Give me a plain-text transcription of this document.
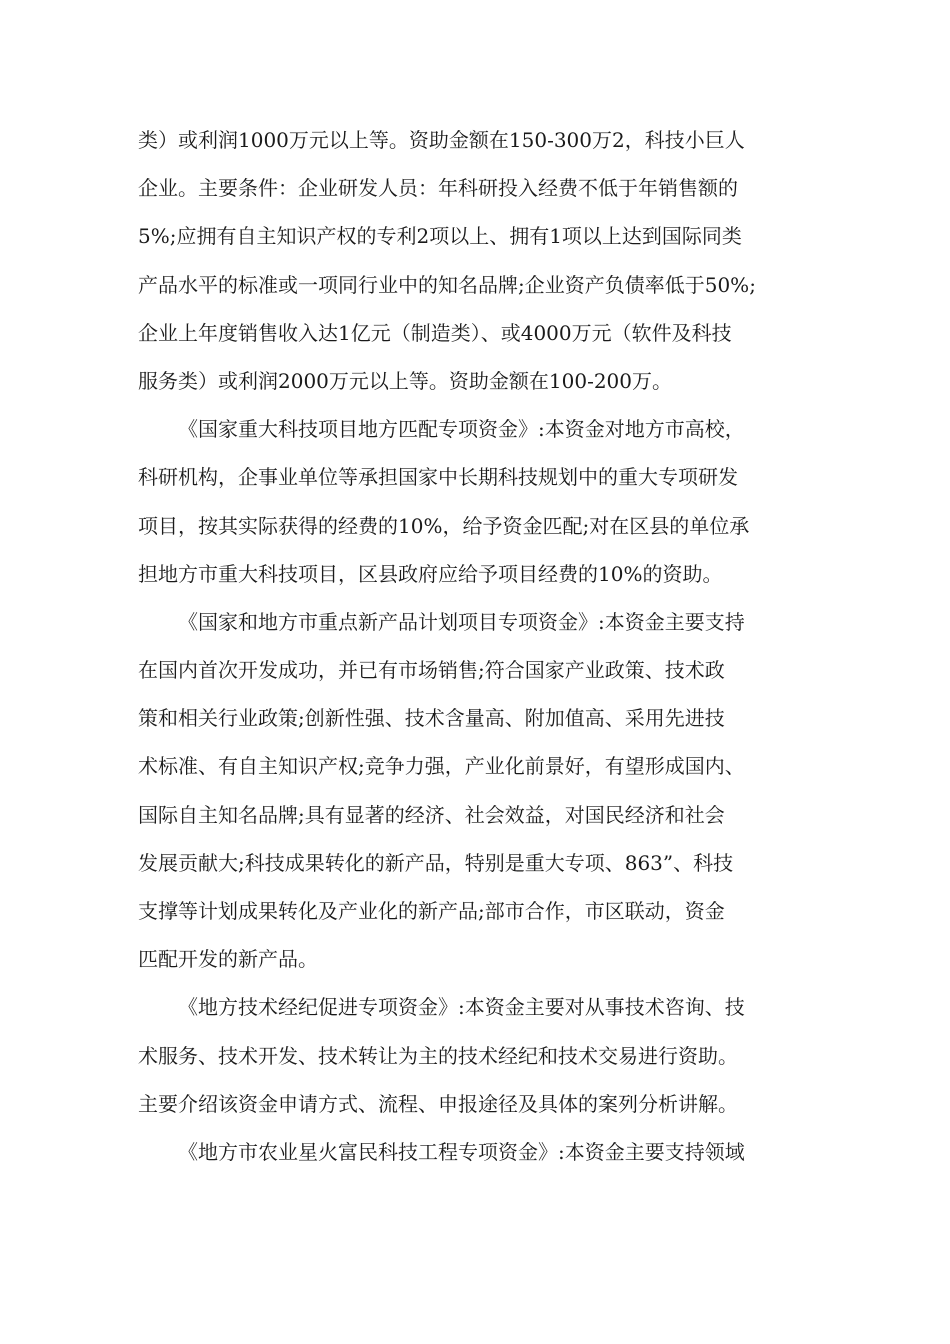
类）或利润1000万元以上等。资助金额在150-300万2，科技小巨人
企业。主要条件：企业研发人员：年科研投入经费不低于年销售额的
5%;应拥有自主知识产权的专利2项以上、拥有1项以上达到国际同类
产品水平的标准或一项同行业中的知名品牌;企业资产负债率低于50%;
企业上年度销售收入达1亿元（制造类）、或4000万元（软件及科技
服务类）或利润2000万元以上等。资助金额在100-200万。
《国家重大科技项目地方匹配专项资金》:本资金对地方市高校，
科研机构，企事业单位等承担国家中长期科技规划中的重大专项研发
项目，按其实际获得的经费的10%，给予资金匹配;对在区县的单位承
担地方市重大科技项目，区县政府应给予项目经费的10%的资助。
《国家和地方市重点新产品计划项目专项资金》:本资金主要支持
在国内首次开发成功，并已有市场销售;符合国家产业政策、技术政
策和相关行业政策;创新性强、技术含量高、附加值高、采用先进技
术标准、有自主知识产权;竞争力强，产业化前景好，有望形成国内、
国际自主知名品牌;具有显著的经济、社会效益，对国民经济和社会
发展贡献大;科技成果转化的新产品，特别是重大专项、863”、科技
支撑等计划成果转化及产业化的新产品;部市合作，市区联动，资金
匹配开发的新产品。
《地方技术经纪促进专项资金》:本资金主要对从事技术咨询、技
术服务、技术开发、技术转让为主的技术经纪和技术交易进行资助。
主要介绍该资金申请方式、流程、申报途径及具体的案列分析讲解。
《地方市农业星火富民科技工程专项资金》:本资金主要支持领域
